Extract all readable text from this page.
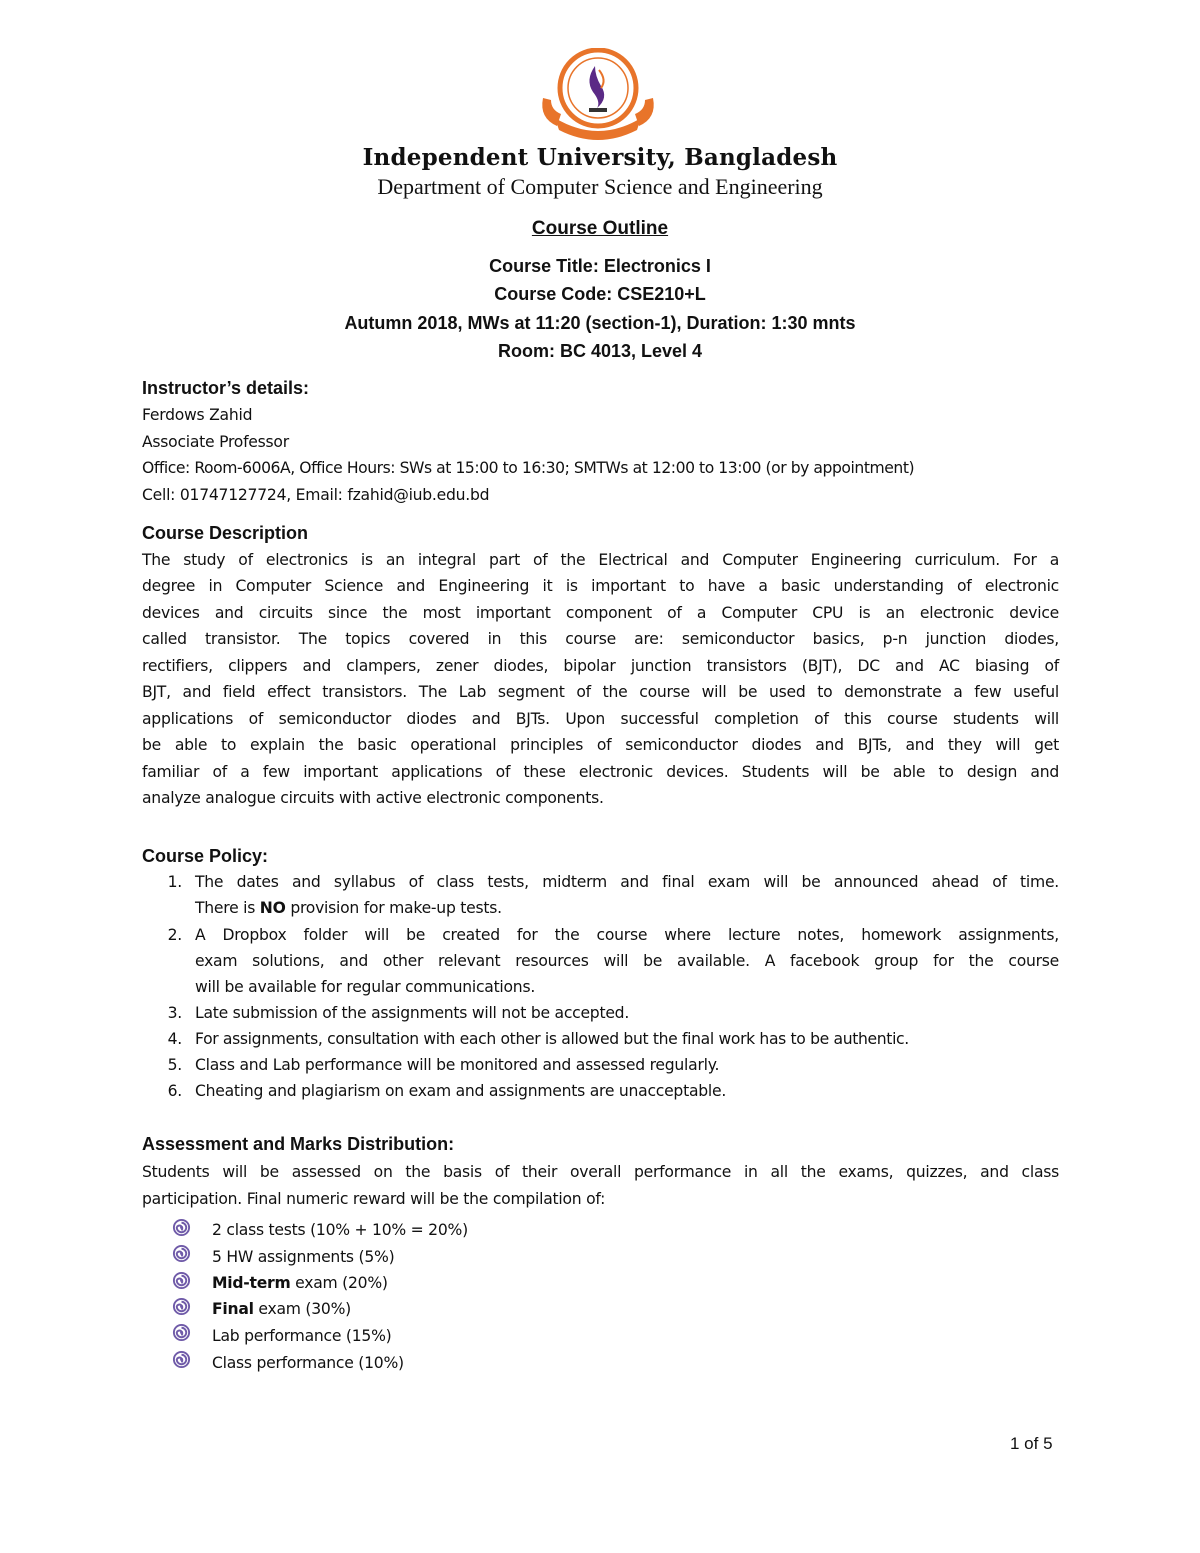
Independent University, Bangladesh
Department of Computer Science and Engineering
Course Outline
Course Title: Electronics I
Course Code: CSE210+L
Autumn 2018, MWs at 11:20 (section-1), Duration: 1:30 mnts
Room: BC 4013, Level 4
Instructor’s details:
Ferdows Zahid
Associate Professor
Office: Room-6006A, Office Hours: SWs at 15:00 to 16:30; SMTWs at 12:00 to 13:00 (or by appointment)
Cell: 01747127724, Email: fzahid@iub.edu.bd
Course Description
The study of electronics is an integral part of the Electrical and Computer Engineering curriculum. For a
degree in Computer Science and Engineering it is important to have a basic understanding of electronic
devices and circuits since the most important component of a Computer CPU is an electronic device
called transistor. The topics covered in this course are: semiconductor basics, p-n junction diodes,
rectifiers, clippers and clampers, zener diodes, bipolar junction transistors (BJT), DC and AC biasing of
BJT, and field effect transistors. The Lab segment of the course will be used to demonstrate a few useful
applications of semiconductor diodes and BJTs. Upon successful completion of this course students will
be able to explain the basic operational principles of semiconductor diodes and BJTs, and they will get
familiar of a few important applications of these electronic devices. Students will be able to design and
analyze analogue circuits with active electronic components.
Course Policy:
1. The dates and syllabus of class tests, midterm and final exam will be announced ahead of time.
There is NO provision for make-up tests.
2. A Dropbox folder will be created for the course where lecture notes, homework assignments,
exam solutions, and other relevant resources will be available. A facebook group for the course
will be available for regular communications.
3. Late submission of the assignments will not be accepted.
4. For assignments, consultation with each other is allowed but the final work has to be authentic.
5. Class and Lab performance will be monitored and assessed regularly.
6. Cheating and plagiarism on exam and assignments are unacceptable.
Assessment and Marks Distribution:
Students will be assessed on the basis of their overall performance in all the exams, quizzes, and class
participation. Final numeric reward will be the compilation of:
2 class tests (10% + 10% = 20%)
5 HW assignments (5%)
Mid-term exam (20%)
Final exam (30%)
Lab performance (15%)
Class performance (10%)
1 of 5
